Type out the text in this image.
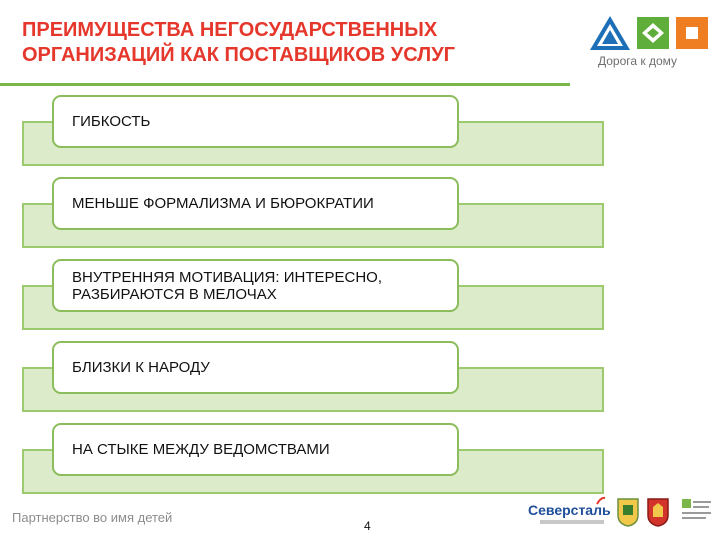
ПРЕИМУЩЕСТВА НЕГОСУДАРСТВЕННЫХ
ОРГАНИЗАЦИЙ КАК ПОСТАВЩИКОВ УСЛУГ	Дорога к дому
ГИБКОСТЬ
МЕНЬШЕ ФОРМАЛИЗМА И БЮРОКРАТИИ
ВНУТРЕННЯЯ МОТИВАЦИЯ: ИНТЕРЕСНО, РАЗБИРАЮТСЯ В МЕЛОЧАХ
БЛИЗКИ К НАРОДУ
НА СТЫКЕ МЕЖДУ ВЕДОМСТВАМИ
Партнерство во имя детей
4
Северсталь
